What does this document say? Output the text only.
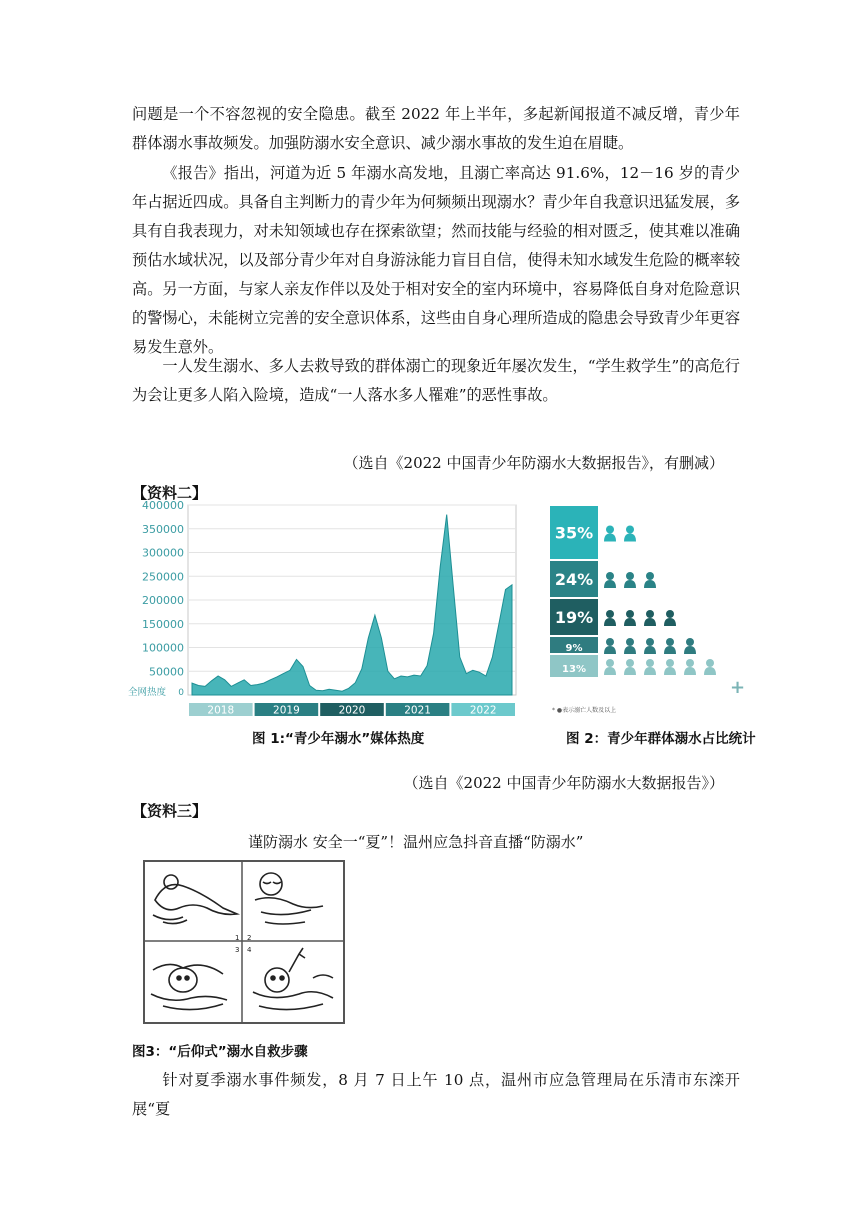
问题是一个不容忽视的安全隐患。截至 2022 年上半年，多起新闻报道不减反增，青少年群体溺水事故频发。加强防溺水安全意识、减少溺水事故的发生迫在眉睫。

《报告》指出，河道为近 5 年溺水高发地，且溺亡率高达 91.6%，12－16 岁的青少年占据近四成。具备自主判断力的青少年为何频频出现溺水？青少年自我意识迅猛发展，多具有自我表现力，对未知领域也存在探索欲望；然而技能与经验的相对匮乏，使其难以准确预估水域状况，以及部分青少年对自身游泳能力盲目自信，使得未知水域发生危险的概率较高。另一方面，与家人亲友作伴以及处于相对安全的室内环境中，容易降低自身对危险意识的警惕心，未能树立完善的安全意识体系，这些由自身心理所造成的隐患会导致青少年更容易发生意外。

一人发生溺水、多人去救导致的群体溺亡的现象近年屡次发生，“学生救学生”的高危行为会让更多人陷入险境，造成“一人落水多人罹难”的恶性事故。

（选自《2022 中国青少年防溺水大数据报告》，有删减）
【资料二】
400000
350000
300000
250000
200000
150000
100000
50000
0
2018	2019	2020	2021	2022
全网热度
35%
24%
19%
9%
13%
+
* ●表示溺亡人数及以上
图 1:“青少年溺水”媒体热度	图 2：青少年群体溺水占比统计
（选自《2022 中国青少年防溺水大数据报告》）
【资料三】
谨防溺水 安全一“夏”！温州应急抖音直播“防溺水”
1 2
3 4
图3：“后仰式”溺水自救步骤

针对夏季溺水事件频发，8 月 7 日上午 10 点，温州市应急管理局在乐清市东滦开展“夏
